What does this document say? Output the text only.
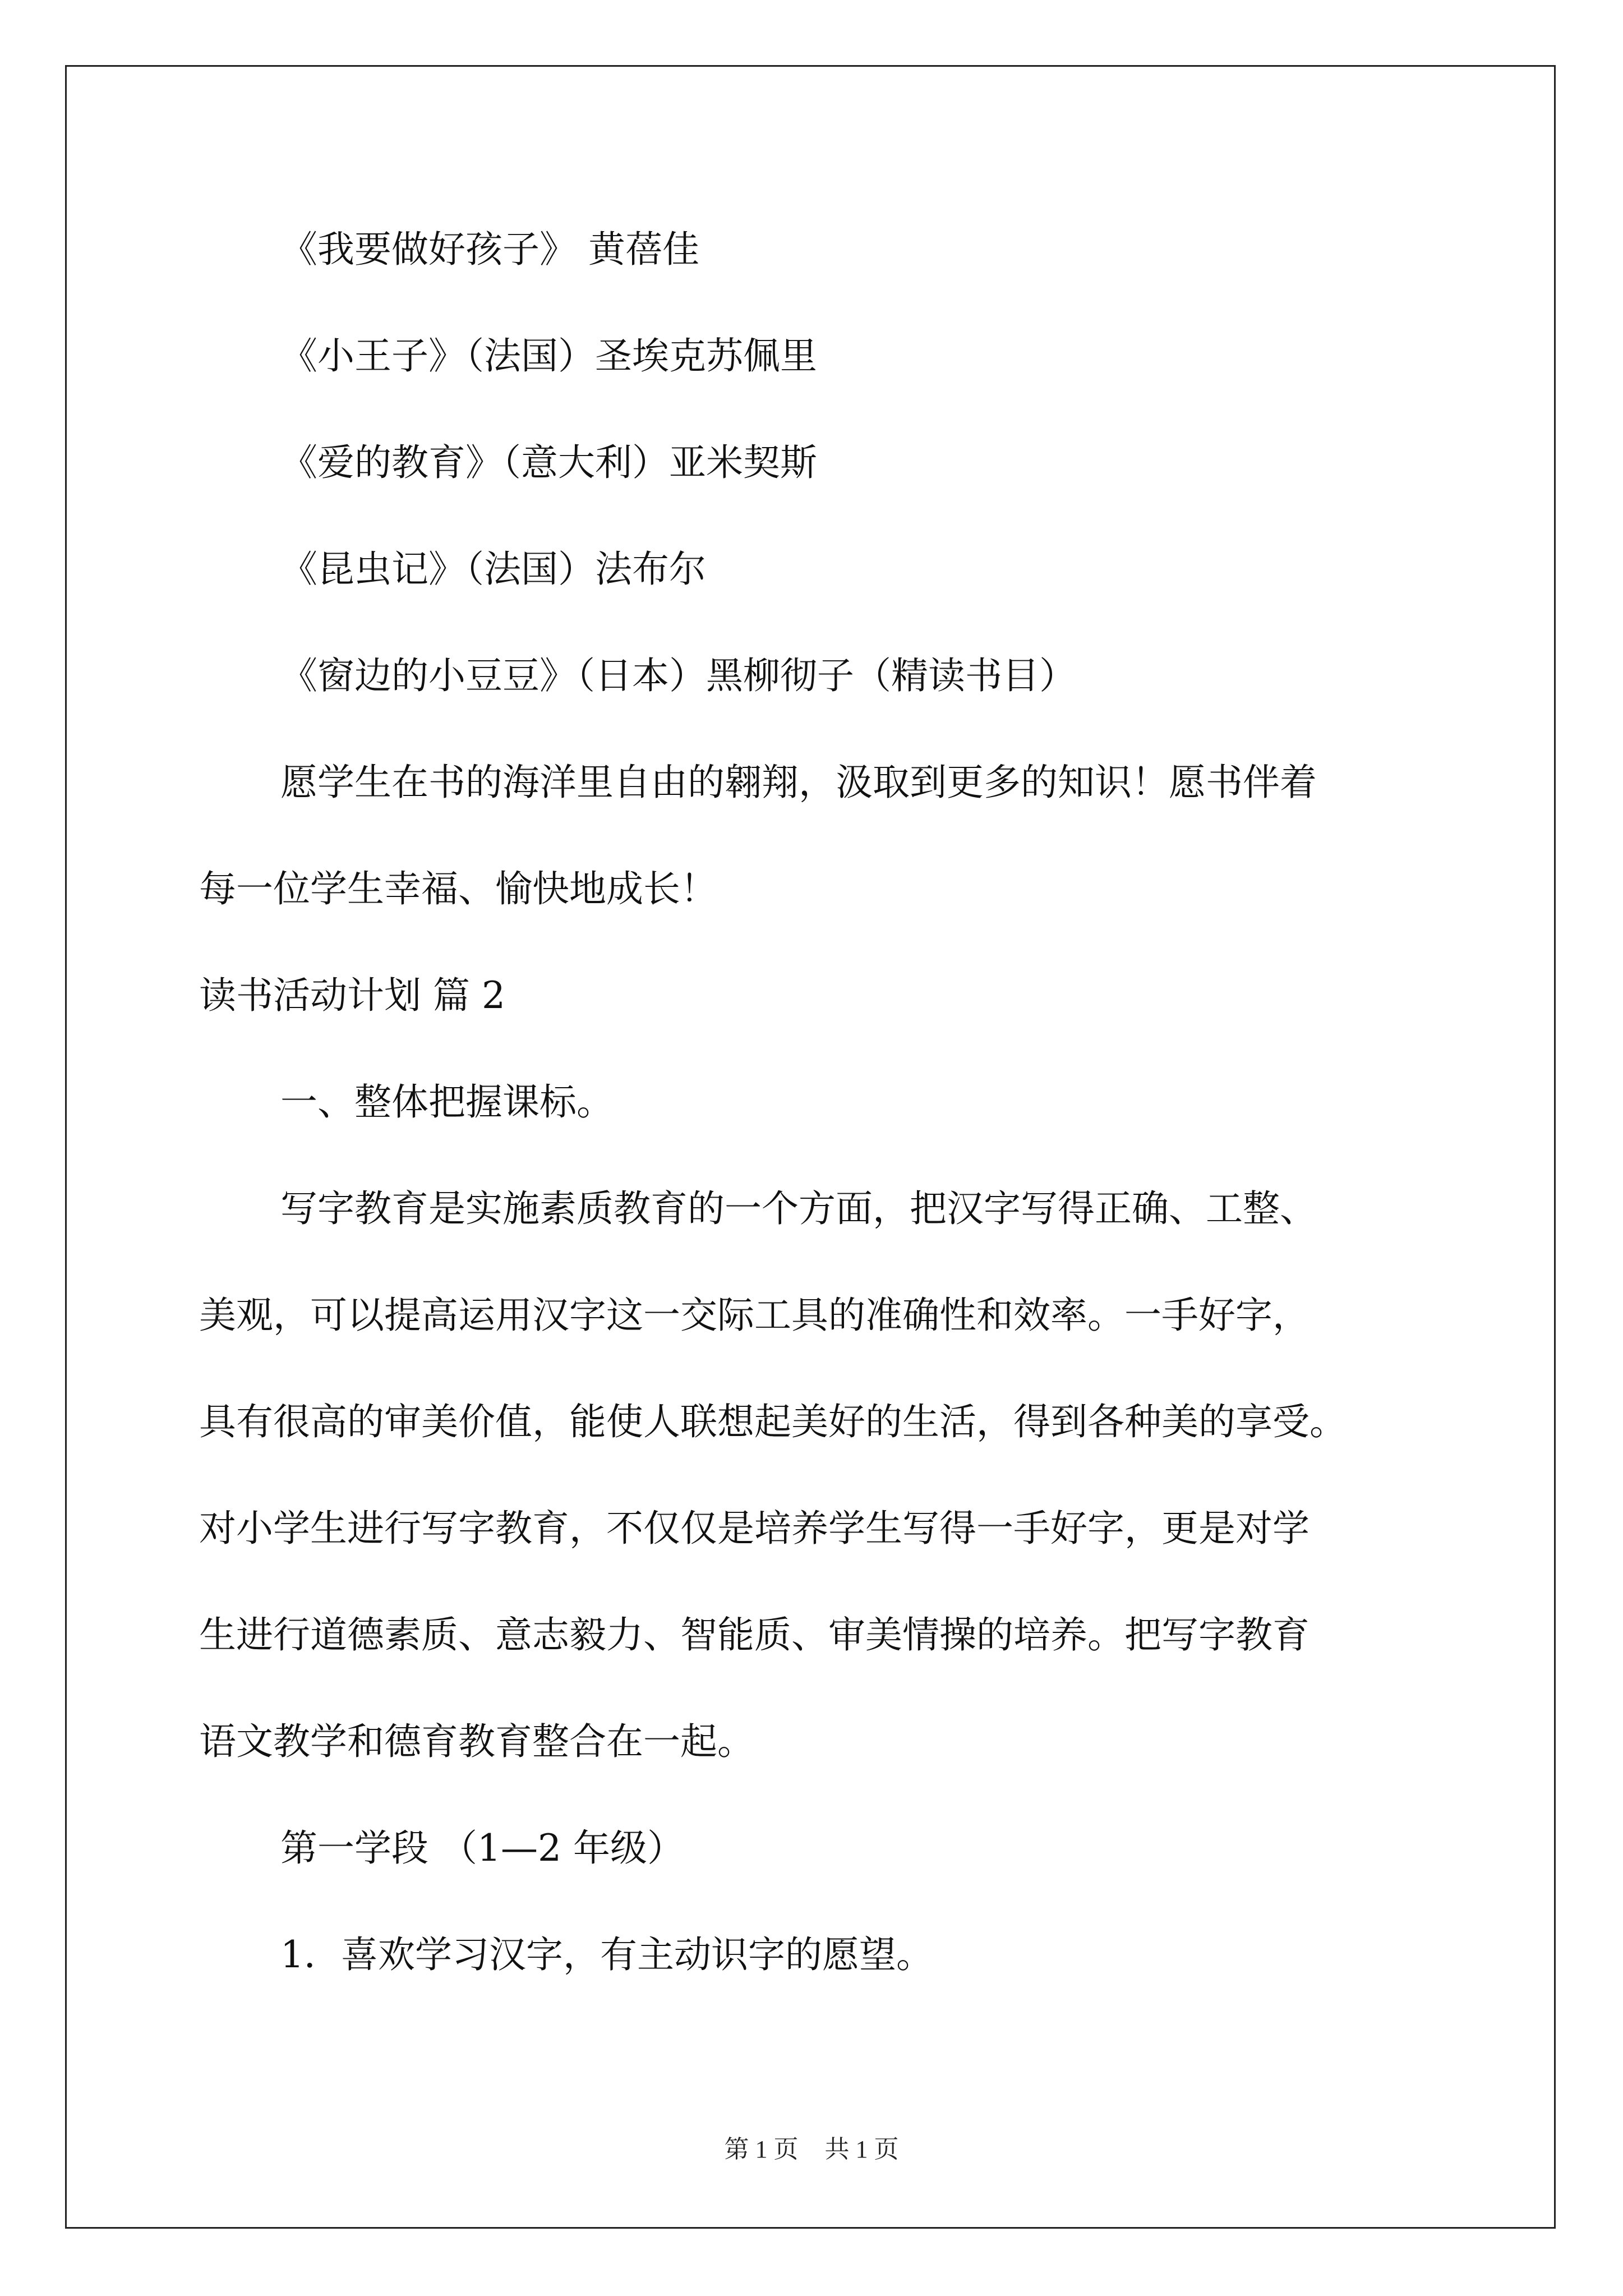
《我要做好孩子》 黄蓓佳
《小王子》（法国）圣埃克苏佩里
《爱的教育》（意大利）亚米契斯
《昆虫记》（法国）法布尔
《窗边的小豆豆》（日本）黑柳彻子（精读书目）
愿学生在书的海洋里自由的翱翔，汲取到更多的知识！愿书伴着
每一位学生幸福、愉快地成长！
读书活动计划 篇 2
一、整体把握课标。
写字教育是实施素质教育的一个方面，把汉字写得正确、工整、
美观，可以提高运用汉字这一交际工具的准确性和效率。一手好字，
具有很高的审美价值，能使人联想起美好的生活，得到各种美的享受。
对小学生进行写字教育，不仅仅是培养学生写得一手好字，更是对学
生进行道德素质、意志毅力、智能质、审美情操的培养。把写字教育
语文教学和德育教育整合在一起。
第一学段 （1—2 年级）
1．喜欢学习汉字，有主动识字的愿望。
第 1 页 共 1 页
